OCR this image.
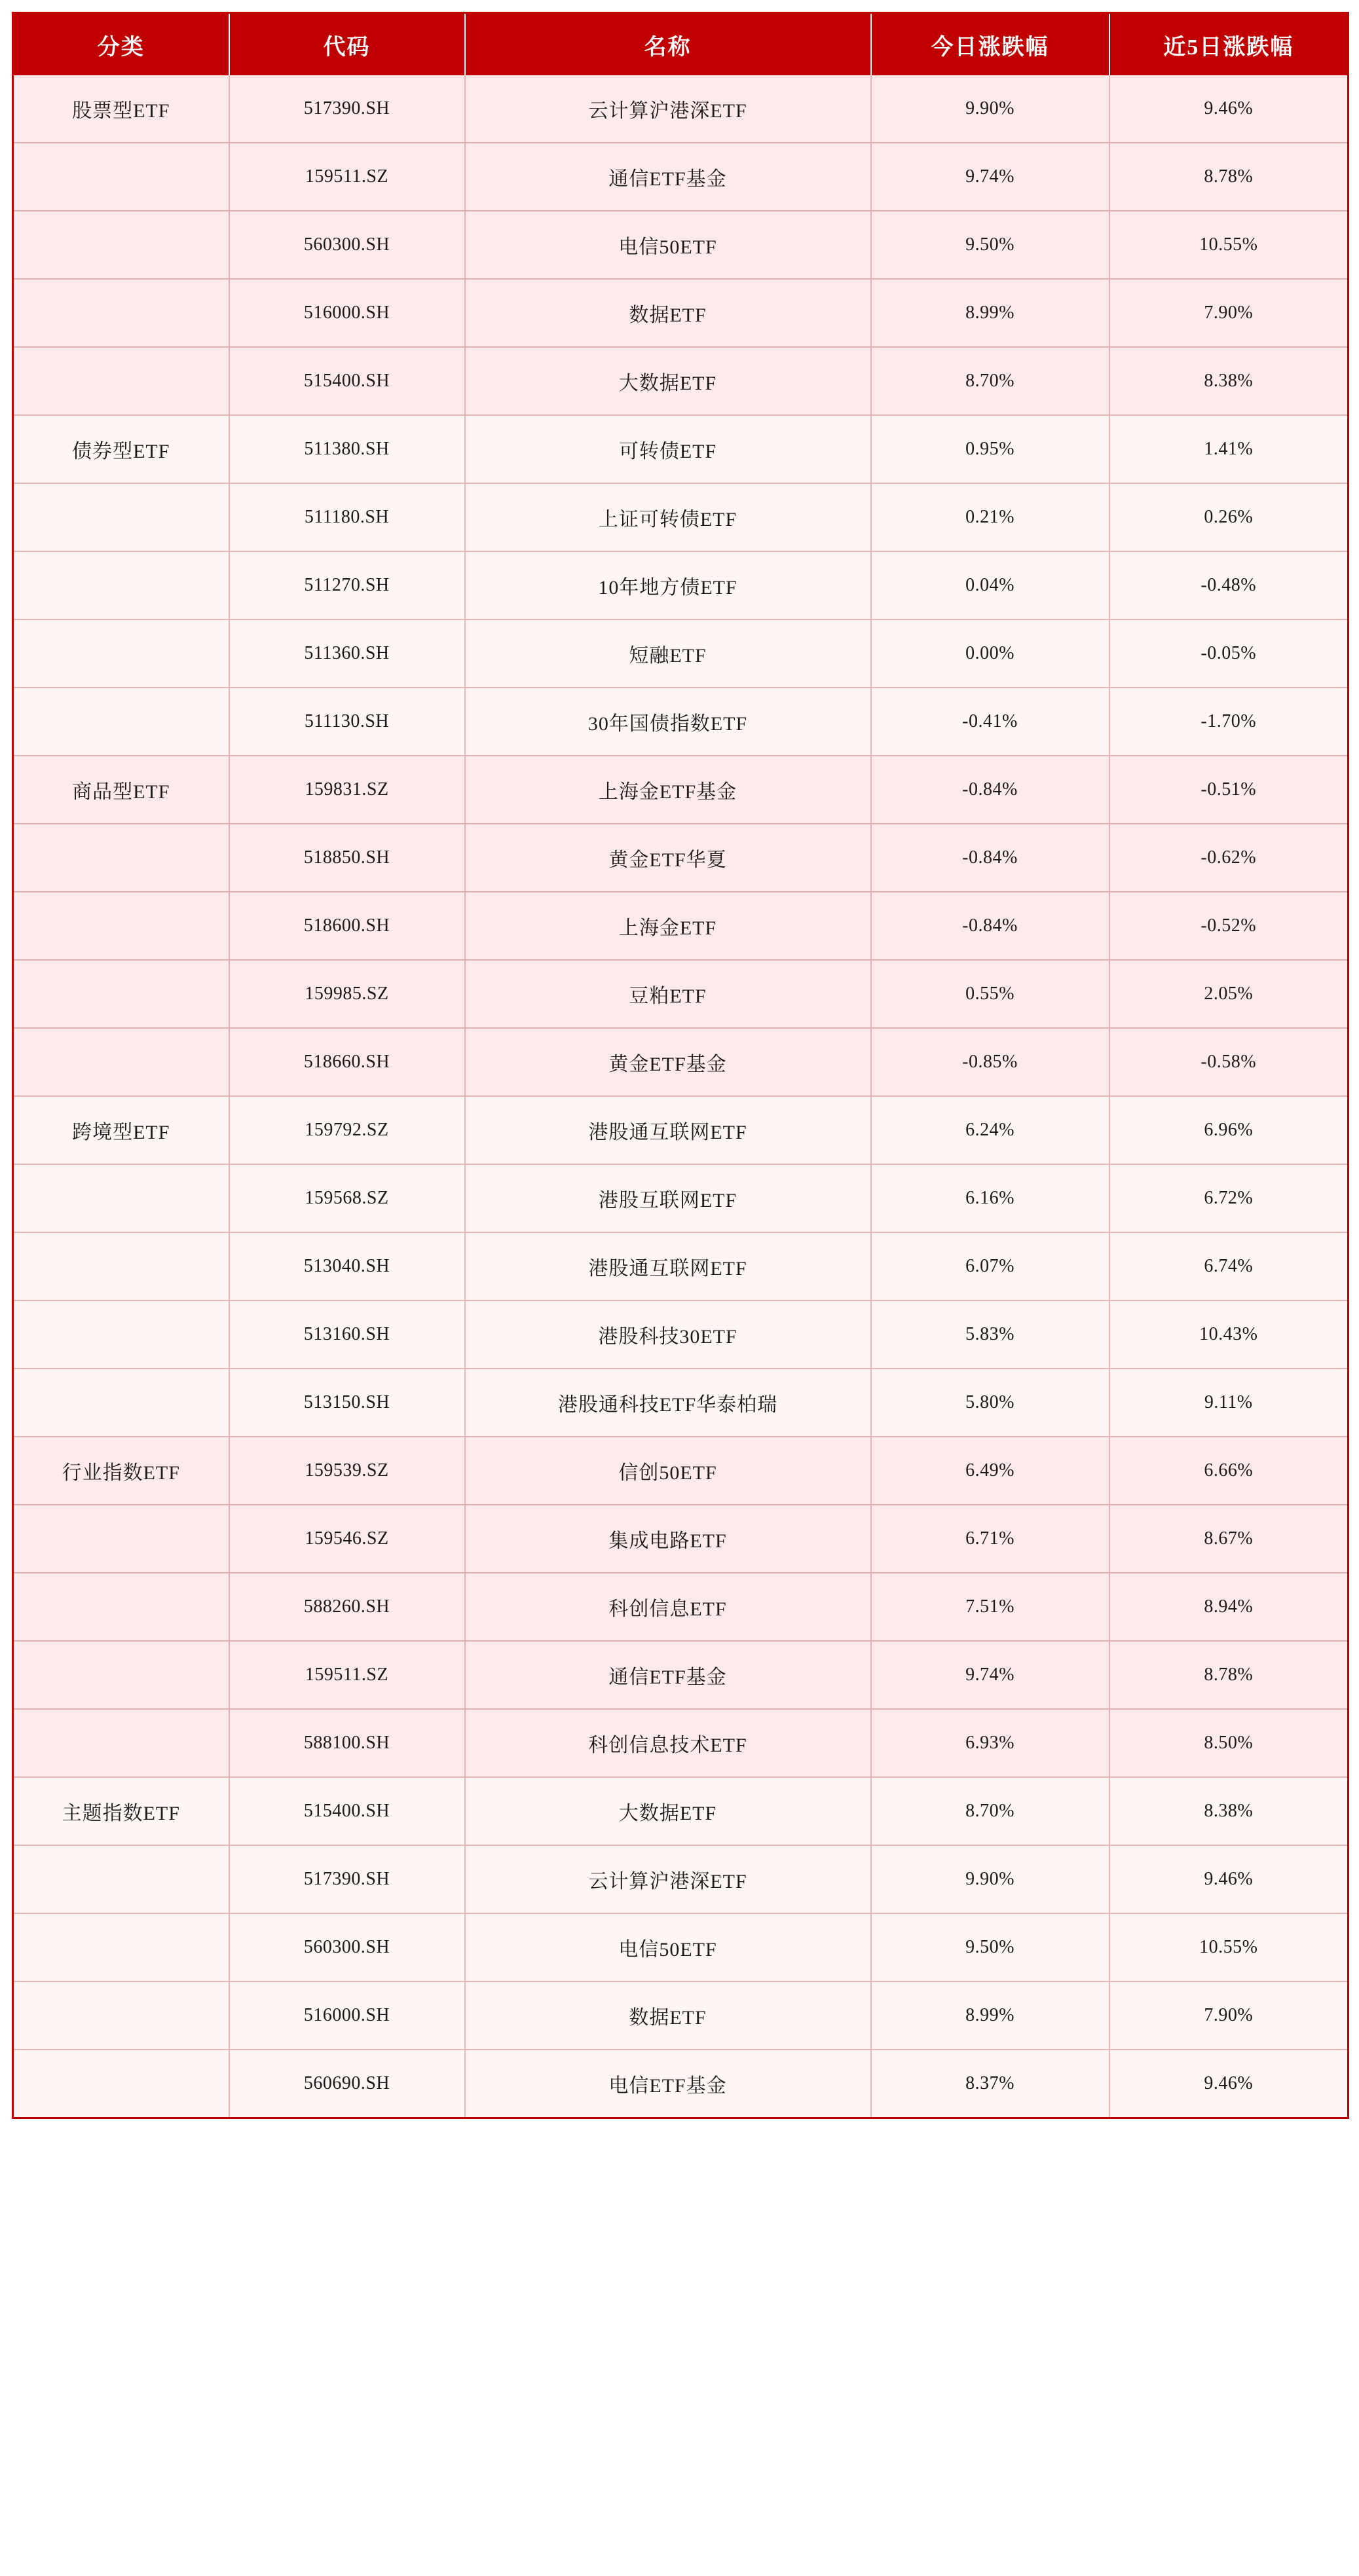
分类	代码	名称	今日涨跌幅	近5日涨跌幅
股票型ETF	517390.SH	云计算沪港深ETF	9.90%	9.46%
	159511.SZ	通信ETF基金	9.74%	8.78%
	560300.SH	电信50ETF	9.50%	10.55%
	516000.SH	数据ETF	8.99%	7.90%
	515400.SH	大数据ETF	8.70%	8.38%
债券型ETF	511380.SH	可转债ETF	0.95%	1.41%
	511180.SH	上证可转债ETF	0.21%	0.26%
	511270.SH	10年地方债ETF	0.04%	-0.48%
	511360.SH	短融ETF	0.00%	-0.05%
	511130.SH	30年国债指数ETF	-0.41%	-1.70%
商品型ETF	159831.SZ	上海金ETF基金	-0.84%	-0.51%
	518850.SH	黄金ETF华夏	-0.84%	-0.62%
	518600.SH	上海金ETF	-0.84%	-0.52%
	159985.SZ	豆粕ETF	0.55%	2.05%
	518660.SH	黄金ETF基金	-0.85%	-0.58%
跨境型ETF	159792.SZ	港股通互联网ETF	6.24%	6.96%
	159568.SZ	港股互联网ETF	6.16%	6.72%
	513040.SH	港股通互联网ETF	6.07%	6.74%
	513160.SH	港股科技30ETF	5.83%	10.43%
	513150.SH	港股通科技ETF华泰柏瑞	5.80%	9.11%
行业指数ETF	159539.SZ	信创50ETF	6.49%	6.66%
	159546.SZ	集成电路ETF	6.71%	8.67%
	588260.SH	科创信息ETF	7.51%	8.94%
	159511.SZ	通信ETF基金	9.74%	8.78%
	588100.SH	科创信息技术ETF	6.93%	8.50%
主题指数ETF	515400.SH	大数据ETF	8.70%	8.38%
	517390.SH	云计算沪港深ETF	9.90%	9.46%
	560300.SH	电信50ETF	9.50%	10.55%
	516000.SH	数据ETF	8.99%	7.90%
	560690.SH	电信ETF基金	8.37%	9.46%
